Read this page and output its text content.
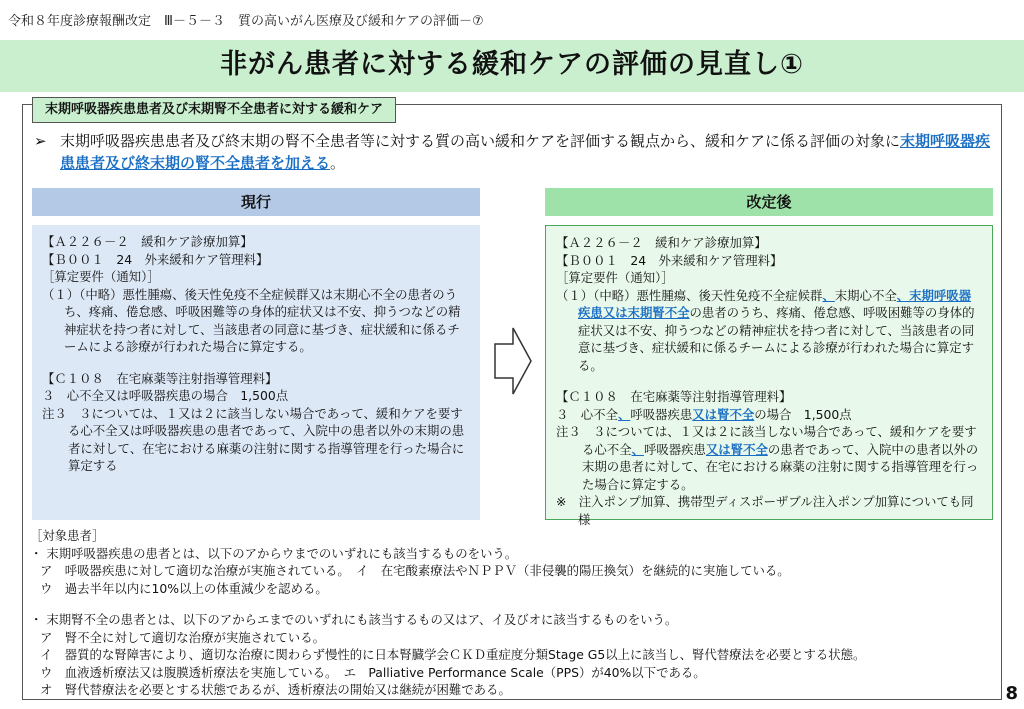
令和８年度診療報酬改定　Ⅲ－５－３　質の高いがん医療及び緩和ケアの評価－⑦
非がん患者に対する緩和ケアの評価の見直し①
末期呼吸器疾患患者及び末期腎不全患者に対する緩和ケア
➢ 末期呼吸器疾患患者及び終末期の腎不全患者等に対する質の高い緩和ケアを評価する観点から、緩和ケアに係る評価の対象に末期呼吸器疾患患者及び終末期の腎不全患者を加える。
現行	改定後
【Ａ２２６－２　緩和ケア診療加算】
【Ｂ００１　24　外来緩和ケア管理料】
［算定要件（通知）］
（１）（中略）悪性腫瘍、後天性免疫不全症候群又は末期心不全の患者のうち、疼痛、倦怠感、呼吸困難等の身体的症状又は不安、抑うつなどの精神症状を持つ者に対して、当該患者の同意に基づき、症状緩和に係るチームによる診療が行われた場合に算定する。
【Ｃ１０８　在宅麻薬等注射指導管理料】
３　心不全又は呼吸器疾患の場合　1,500点
注３　３については、１又は２に該当しない場合であって、緩和ケアを要する心不全又は呼吸器疾患の患者であって、入院中の患者以外の末期の患者に対して、在宅における麻薬の注射に関する指導管理を行った場合に算定する
【Ａ２２６－２　緩和ケア診療加算】
【Ｂ００１　24　外来緩和ケア管理料】
［算定要件（通知）］
（１）（中略）悪性腫瘍、後天性免疫不全症候群、末期心不全、末期呼吸器疾患又は末期腎不全の患者のうち、疼痛、倦怠感、呼吸困難等の身体的症状又は不安、抑うつなどの精神症状を持つ者に対して、当該患者の同意に基づき、症状緩和に係るチームによる診療が行われた場合に算定する。
【Ｃ１０８　在宅麻薬等注射指導管理料】
３　心不全、呼吸器疾患又は腎不全の場合　1,500点
注３　３については、１又は２に該当しない場合であって、緩和ケアを要する心不全、呼吸器疾患又は腎不全の患者であって、入院中の患者以外の末期の患者に対して、在宅における麻薬の注射に関する指導管理を行った場合に算定する。
※　注入ポンプ加算、携帯型ディスポーザブル注入ポンプ加算についても同様
［対象患者］
・ 末期呼吸器疾患の患者とは、以下のアからウまでのいずれにも該当するものをいう。
ア　呼吸器疾患に対して適切な治療が実施されている。　イ　在宅酸素療法やＮＰＰＶ（非侵襲的陽圧換気）を継続的に実施している。
ウ　過去半年以内に10%以上の体重減少を認める。
・ 末期腎不全の患者とは、以下のアからエまでのいずれにも該当するもの又はア、イ及びオに該当するものをいう。
ア　腎不全に対して適切な治療が実施されている。
イ　器質的な腎障害により、適切な治療に関わらず慢性的に日本腎臓学会ＣＫＤ重症度分類Stage G5以上に該当し、腎代替療法を必要とする状態。
ウ　血液透析療法又は腹膜透析療法を実施している。　エ　Palliative Performance Scale（PPS）が40%以下である。
オ　腎代替療法を必要とする状態であるが、透析療法の開始又は継続が困難である。	8
